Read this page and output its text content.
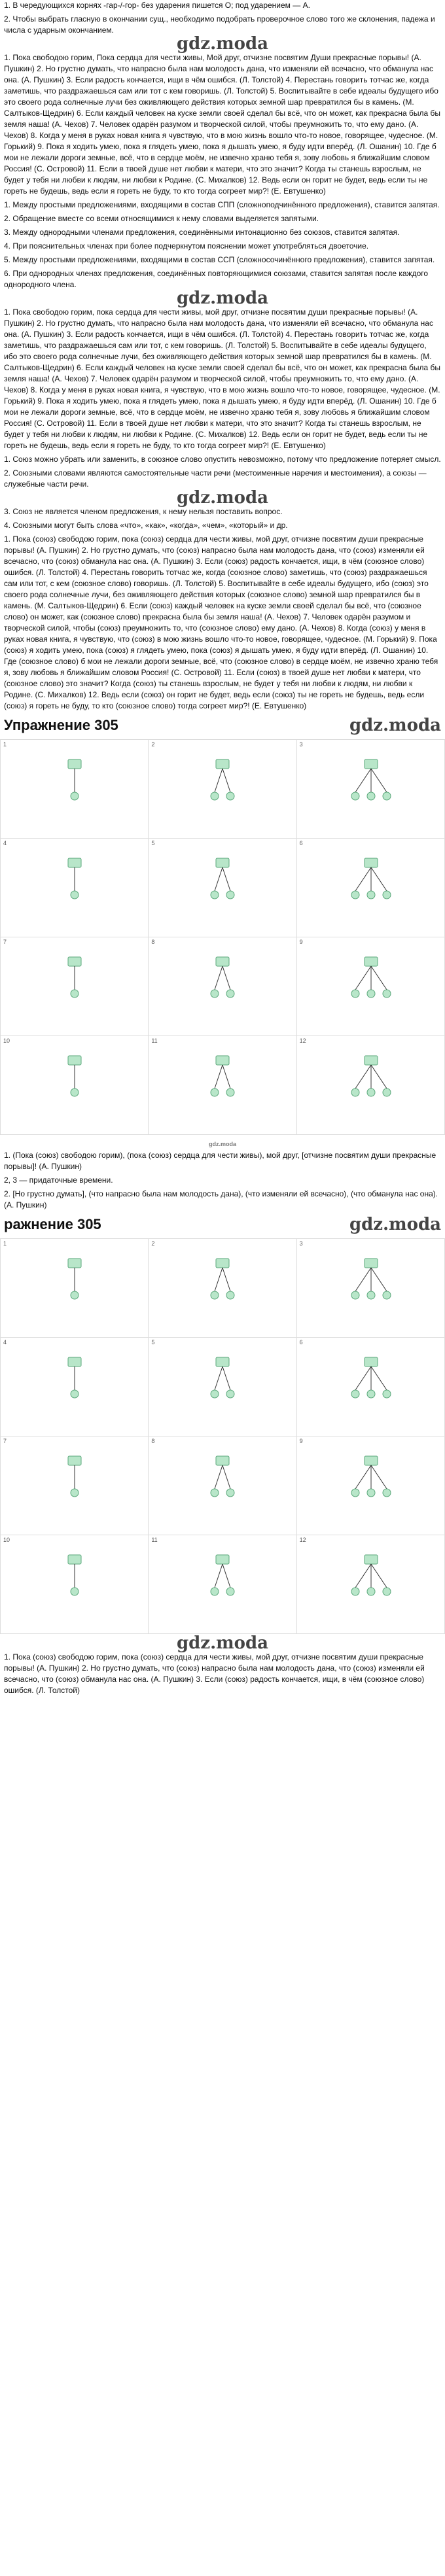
1. В чередующихся корнях -гар-/-гор- без ударения пишется О; под ударением — А.

2. Чтобы выбрать гласную в окончании сущ., необходимо подобрать проверочное слово того же склонения, падежа и числа с ударным окончанием.

gdz.moda

1. Пока свободою горим, Пока сердца для чести живы, Мой друг, отчизне посвятим Души прекрасные порывы! (А. Пушкин) 2. Но грустно думать, что напрасно была нам молодость дана, что изменяли ей всечасно, что обманула нас она. (А. Пушкин) 3. Если радость кончается, ищи в чём ошибся. (Л. Толстой) 4. Перестань говорить тотчас же, когда заметишь, что раздражаешься сам или тот с кем говоришь. (Л. Толстой) 5. Воспитывайте в себе идеалы будущего ибо это своего рода солнечные лучи без оживляющего действия которых земной шар превратился бы в камень. (М. Салтыков-Щедрин) 6. Если каждый человек на куске земли своей сделал бы всё, что он может, как прекрасна была бы земля наша! (А. Чехов) 7. Человек одарён разумом и творческой силой, чтобы преумножить то, что ему дано. (А. Чехов) 8. Когда у меня в руках новая книга я чувствую, что в мою жизнь вошло что-то новое, говорящее, чудесное. (М. Горький) 9. Пока я ходить умею, пока я глядеть умею, пока я дышать умею, я буду идти вперёд. (Л. Ошанин) 10. Где б мои не лежали дороги земные, всё, что в сердце моём, не извечно храню тебя я, зову любовь я ближайшим словом Россия! (С. Островой) 11. Если в твоей душе нет любви к матери, что это значит? Когда ты станешь взрослым, не будет у тебя ни любви к людям, ни любви к Родине. (С. Михалков) 12. Ведь если он горит не будет, ведь если ты не гореть не будешь, ведь если я гореть не буду, то кто тогда согреет мир?! (Е. Евтушенко)

1. Между простыми предложениями, входящими в состав СПП (сложноподчинённого предложения), ставится запятая.

2. Обращение вместе со всеми относящимися к нему словами выделяется запятыми.

3. Между однородными членами предложения, соединёнными интонационно без союзов, ставится запятая.

4. При пояснительных членах при более подчеркнутом пояснении может употребляться двоеточие.

5. Между простыми предложениями, входящими в состав ССП (сложносочинённого предложения), ставится запятая.

6. При однородных членах предложения, соединённых повторяющимися союзами, ставится запятая после каждого однородного члена.

gdz.moda

1. Пока свободою горим, пока сердца для чести живы, мой друг, отчизне посвятим души прекрасные порывы! (А. Пушкин) 2. Но грустно думать, что напрасно была нам молодость дана, что изменяли ей всечасно, что обманула нас она. (А. Пушкин) 3. Если радость кончается, ищи в чём ошибся. (Л. Толстой) 4. Перестань говорить тотчас же, когда заметишь, что раздражаешься сам или тот, с кем говоришь. (Л. Толстой) 5. Воспитывайте в себе идеалы будущего, ибо это своего рода солнечные лучи, без оживляющего действия которых земной шар превратился бы в камень. (М. Салтыков-Щедрин) 6. Если каждый человек на куске земли своей сделал бы всё, что он может, как прекрасна была бы земля наша! (А. Чехов) 7. Человек одарён разумом и творческой силой, чтобы преумножить то, что ему дано. (А. Чехов) 8. Когда у меня в руках новая книга, я чувствую, что в мою жизнь вошло что-то новое, говорящее, чудесное. (М. Горький) 9. Пока я ходить умею, пока я глядеть умею, пока я дышать умею, я буду идти вперёд. (Л. Ошанин) 10. Где б мои не лежали дороги земные, всё, что в сердце моём, не извечно храню тебя я, зову любовь я ближайшим словом Россия! (С. Островой) 11. Если в твоей душе нет любви к матери, что это значит? Когда ты станешь взрослым, не будет у тебя ни любви к людям, ни любви к Родине. (С. Михалков) 12. Ведь если он горит не будет, ведь если ты не гореть не будешь, ведь если я гореть не буду, то кто тогда согреет мир?! (Е. Евтушенко)

1. Союз можно убрать или заменить, в союзное слово опустить невозможно, потому что предложение потеряет смысл.

2. Союзными словами являются самостоятельные части речи (местоименные наречия и местоимения), а союзы — служебные части речи.

gdz.moda

3. Союз не является членом предложения, к нему нельзя поставить вопрос.

4. Союзными могут быть слова «что», «как», «когда», «чем», «который» и др.

1. Пока (союз) свободою горим, пока (союз) сердца для чести живы, мой друг, отчизне посвятим души прекрасные порывы! (А. Пушкин) 2. Но грустно думать, что (союз) напрасно была нам молодость дана, что (союз) изменяли ей всечасно, что (союз) обманула нас она. (А. Пушкин) 3. Если (союз) радость кончается, ищи, в чём (союзное слово) ошибся. (Л. Толстой) 4. Перестань говорить тотчас же, когда (союзное слово) заметишь, что (союз) раздражаешься сам или тот, с кем (союзное слово) говоришь. (Л. Толстой) 5. Воспитывайте в себе идеалы будущего, ибо (союз) это своего рода солнечные лучи, без оживляющего действия которых (союзное слово) земной шар превратился бы в камень. (М. Салтыков-Щедрин) 6. Если (союз) каждый человек на куске земли своей сделал бы всё, что (союзное слово) он может, как (союзное слово) прекрасна была бы земля наша! (А. Чехов) 7. Человек одарён разумом и творческой силой, чтобы (союз) преумножить то, что (союзное слово) ему дано. (А. Чехов) 8. Когда (союз) у меня в руках новая книга, я чувствую, что (союз) в мою жизнь вошло что-то новое, говорящее, чудесное. (М. Горький) 9. Пока (союз) я ходить умею, пока (союз) я глядеть умею, пока (союз) я дышать умею, я буду идти вперёд. (Л. Ошанин) 10. Где (союзное слово) б мои не лежали дороги земные, всё, что (союзное слово) в сердце моём, не извечно храню тебя я, зову любовь я ближайшим словом Россия! (С. Островой) 11. Если (союз) в твоей душе нет любви к матери, что (союзное слово) это значит? Когда (союз) ты станешь взрослым, не будет у тебя ни любви к людям, ни любви к Родине. (С. Михалков) 12. Ведь если (союз) он горит не будет, ведь если (союз) ты не гореть не будешь, ведь если (союз) я гореть не буду, то кто (союзное слово) тогда согреет мир?! (Е. Евтушенко)

Упражнение 305	gdz.moda
1	2	3
4	5	6
7	8	9
10	11	12
gdz.moda

1. (Пока (союз) свободою горим), (пока (союз) сердца для чести живы), мой друг, [отчизне посвятим души прекрасные порывы]! (А. Пушкин)

2, 3 — придаточные времени.

2. [Но грустно думать], (что напрасно была нам молодость дана), (что изменяли ей всечасно), (что обманула нас она). (А. Пушкин)

ражнение 305	gdz.moda
1	2	3
4	5	6
7	8	9
10	11	12
gdz.moda

1. Пока (союз) свободою горим, пока (союз) сердца для чести живы, мой друг, отчизне посвятим души прекрасные порывы! (А. Пушкин) 2. Но грустно думать, что (союз) напрасно была нам молодость дана, что (союз) изменяли ей всечасно, что (союз) обманула нас она. (А. Пушкин) 3. Если (союз) радость кончается, ищи, в чём (союзное слово) ошибся. (Л. Толстой)
